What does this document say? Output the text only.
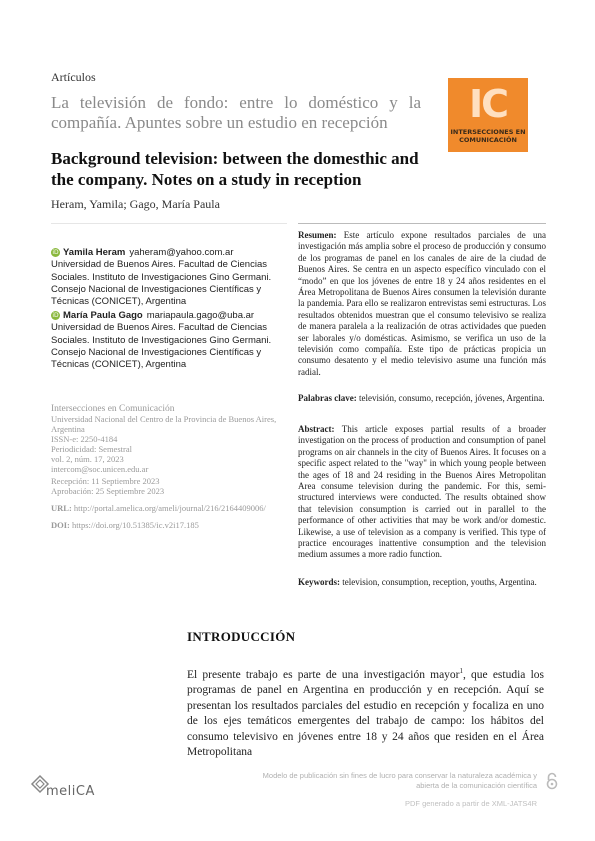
Artículos
La televisión de fondo: entre lo doméstico y la compañía. Apuntes sobre un estudio en recepción
Background television: between the domesthic and the company. Notes on a study in reception
Heram, Yamila; Gago, María Paula
IC
INTERSECCIONES EN COMUNICACIÓN
iD Yamila Heram yaheram@yahoo.com.ar
Universidad de Buenos Aires. Facultad de Ciencias Sociales. Instituto de Investigaciones Gino Germani. Consejo Nacional de Investigaciones Científicas y Técnicas (CONICET), Argentina
iD María Paula Gago mariapaula.gago@uba.ar
Universidad de Buenos Aires. Facultad de Ciencias Sociales. Instituto de Investigaciones Gino Germani. Consejo Nacional de Investigaciones Científicas y Técnicas (CONICET), Argentina
Intersecciones en Comunicación
Universidad Nacional del Centro de la Provincia de Buenos Aires, Argentina
ISSN-e: 2250-4184
Periodicidad: Semestral
vol. 2, núm. 17, 2023
intercom@soc.unicen.edu.ar
Recepción: 11 Septiembre 2023
Aprobación: 25 Septiembre 2023
URL: http://portal.amelica.org/ameli/journal/216/2164409006/
DOI: https://doi.org/10.51385/ic.v2i17.185
Resumen: Este artículo expone resultados parciales de una investigación más amplia sobre el proceso de producción y consumo de los programas de panel en los canales de aire de la ciudad de Buenos Aires. Se centra en un aspecto específico vinculado con el “modo” en que los jóvenes de entre 18 y 24 años residentes en el Área Metropolitana de Buenos Aires consumen la televisión durante la pandemia. Para ello se realizaron entrevistas semi estructuras. Los resultados obtenidos muestran que el consumo televisivo se realiza de manera paralela a la realización de otras actividades que pueden ser laborales y/o domésticas. Asimismo, se verifica un uso de la televisión como compañía. Este tipo de prácticas propicia un consumo desatento y el medio televisivo asume una función más radial.
Palabras clave: televisión, consumo, recepción, jóvenes, Argentina.
Abstract: This article exposes partial results of a broader investigation on the process of production and consumption of panel programs on air channels in the city of Buenos Aires. It focuses on a specific aspect related to the "way" in which young people between the ages of 18 and 24 residing in the Buenos Aires Metropolitan Area consume television during the pandemic. For this, semi-structured interviews were conducted. The results obtained show that television consumption is carried out in parallel to the performance of other activities that may be work and/or domestic. Likewise, a use of television as a company is verified. This type of practice encourages inattentive consumption and the television medium assumes a more radio function.
Keywords: television, consumption, reception, youths, Argentina.
INTRODUCCIÓN
El presente trabajo es parte de una investigación mayor$^1$, que estudia los programas de panel en Argentina en producción y en recepción. Aquí se presentan los resultados parciales del estudio en recepción y focaliza en uno de los ejes temáticos emergentes del trabajo de campo: los hábitos del consumo televisivo en jóvenes entre 18 y 24 años que residen en el Área Metropolitana
meliCA
Modelo de publicación sin fines de lucro para conservar la naturaleza académica y abierta de la comunicación científica
PDF generado a partir de XML-JATS4R
